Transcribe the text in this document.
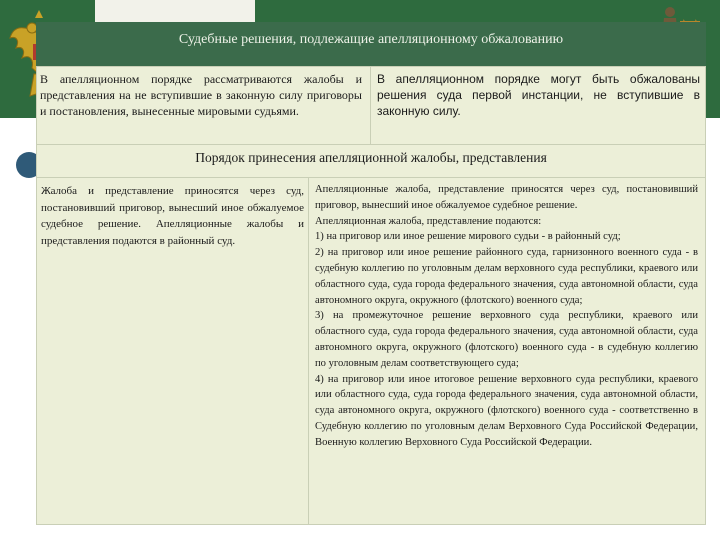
Судебные решения, подлежащие апелляционному обжалованию
В апелляционном порядке рассматриваются жалобы и представления на не вступившие в законную силу приговоры и постановления, вынесенные мировыми судьями.
В апелляционном порядке могут быть обжалованы решения суда первой инстанции, не вступившие в законную силу.
Порядок принесения апелляционной жалобы, представления
Жалоба и представление приносятся через суд, постановивший приговор, вынесший иное обжалуемое судебное решение. Апелляционные жалобы и представления подаются в районный суд.

Апелляционные жалоба, представление приносятся через суд, постановивший приговор, вынесший иное обжалуемое судебное решение.

Апелляционная жалоба, представление подаются:

1) на приговор или иное решение мирового судьи - в районный суд;

2) на приговор или иное решение районного суда, гарнизонного военного суда - в судебную коллегию по уголовным делам верховного суда республики, краевого или областного суда, суда города федерального значения, суда автономной области, суда автономного округа, окружного (флотского) военного суда;

3) на промежуточное решение верховного суда республики, краевого или областного суда, суда города федерального значения, суда автономной области, суда автономного округа, окружного (флотского) военного суда - в судебную коллегию по уголовным делам соответствующего суда;

4) на приговор или иное итоговое решение верховного суда республики, краевого или областного суда, суда города федерального значения, суда автономной области, суда автономного округа, окружного (флотского) военного суда - соответственно в Судебную коллегию по уголовным делам Верховного Суда Российской Федерации, Военную коллегию Верховного Суда Российской Федерации.
